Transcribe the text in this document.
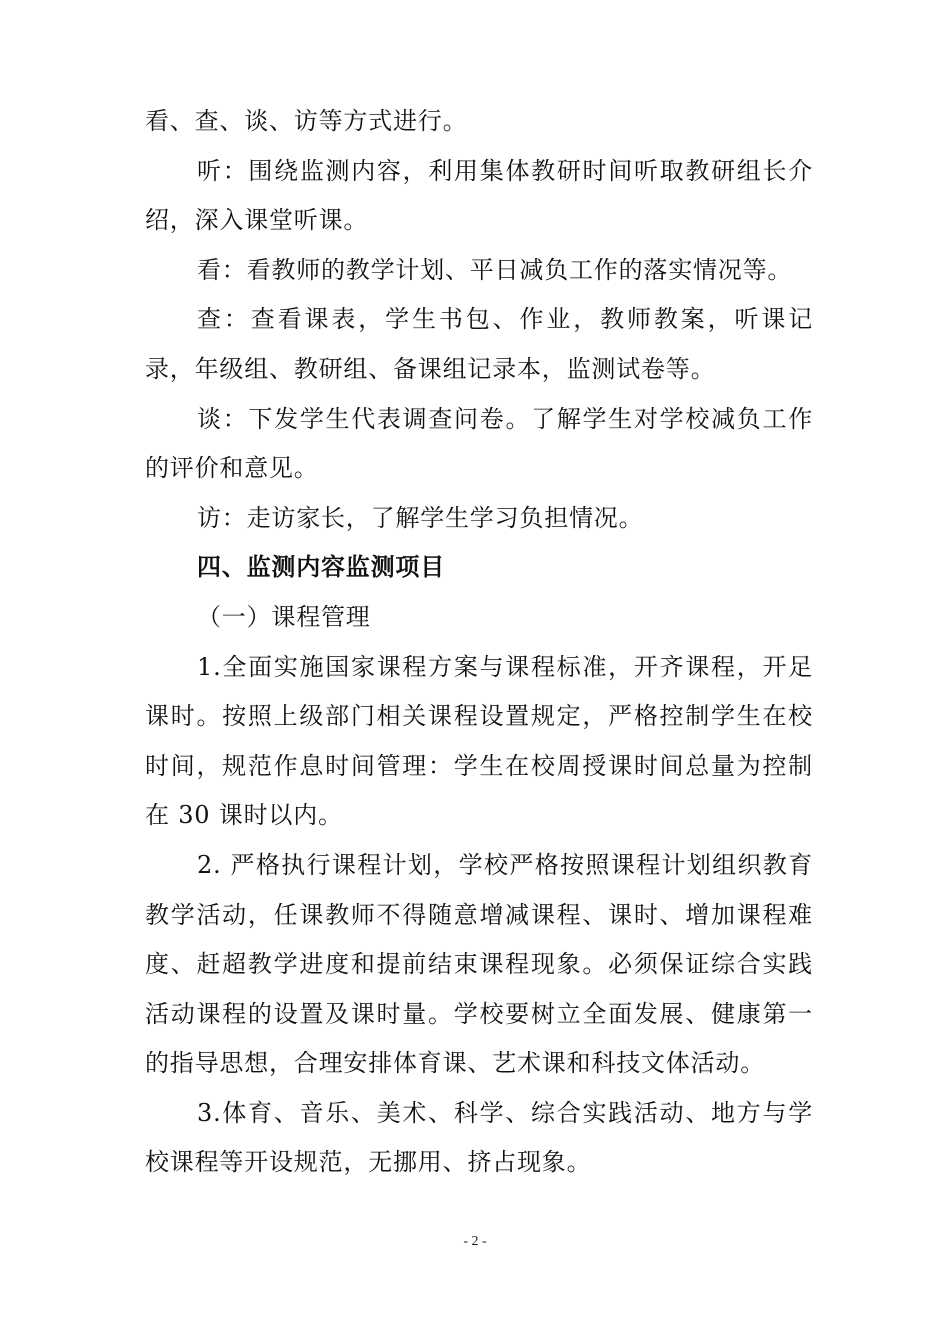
看、查、谈、访等方式进行。

听：围绕监测内容，利用集体教研时间听取教研组长介绍，深入课堂听课。

看：看教师的教学计划、平日减负工作的落实情况等。

查：查看课表，学生书包、作业，教师教案，听课记录，年级组、教研组、备课组记录本，监测试卷等。

谈：下发学生代表调查问卷。了解学生对学校减负工作的评价和意见。

访：走访家长，了解学生学习负担情况。

四、监测内容监测项目

（一）课程管理

1.全面实施国家课程方案与课程标准，开齐课程，开足课时。按照上级部门相关课程设置规定，严格控制学生在校时间，规范作息时间管理：学生在校周授课时间总量为控制在 30 课时以内。

2. 严格执行课程计划，学校严格按照课程计划组织教育教学活动，任课教师不得随意增减课程、课时、增加课程难度、赶超教学进度和提前结束课程现象。必须保证综合实践活动课程的设置及课时量。学校要树立全面发展、健康第一的指导思想，合理安排体育课、艺术课和科技文体活动。

3.体育、音乐、美术、科学、综合实践活动、地方与学校课程等开设规范，无挪用、挤占现象。

- 2 -
